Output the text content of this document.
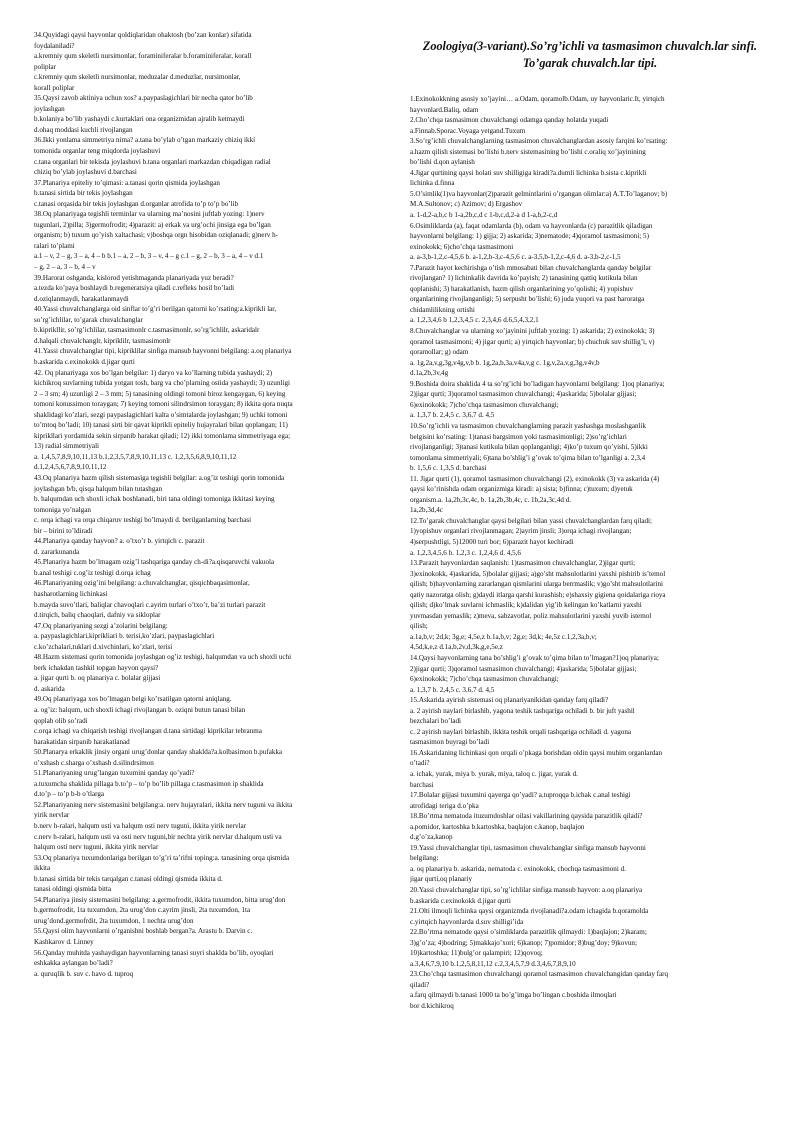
Zoologiya(3-variant).So’rg’ichli va tasmasimon chuvalch.lar sinfi. To’garak chuvalch.lar tipi.
34.Quyidagi qaysi hayvonlar qoldiqlaridan ohaktosh (bo’zan konlar) sifatida
foydalaniladi?
a.kremniy qum skeletli nursimonlar, foraminiferalar b.foraminiferalar, korall
poliplar
c.kremniy qum skeletli nursimonlar, meduzalar d.meduzlar, nursimonlar,
korall poliplar
35.Qaysi zavob aktiniya uchun xos? a.paypaslagichlari bir necha qator bo’lib
joylashgan
b.kolaniya bo’lib yashaydi c.kurtaklari ona organizmidan ajralib ketmaydi
d.ohaq moddasi kuchli rivojlangan
36.Ikki yonlama simmetriya nima? a.tana bo’ylab o’tgan markaziy chiziq ikki
tomonida organlar teng miqdorda joylashuvi
c.tana organlari bir tekisda joylashuvi b.tana organlari markazdan chiqadigan radial
chiziq bo’ylab joylashuvi d.barchasi
37.Planariya epiteliy to’qimasi: a.tanasi qorin qismida joylashgan
b.tanasi sirtida bir tekis joylashgan
c.tanasi orqasida bir tekis joylashgan d.organlar atrofida to’p to’p bo’lib
38.Oq planariyaga tegishli terminlar va ularning ma’nosini juftlab yozing: 1)nerv
tugunlari, 2)pilla; 3)germofrodit; 4)parazit: a) erkak va urg’ochi jinsiga ega bo’lgan
organism; b) tuxum qo’yish xaltachasi; v)boshqa orgn hisobidan oziqlanadi; g)nerv h-
ralari to’plami
a.1 – v, 2 – g, 3 – a, 4 – b b.1 – a, 2 – b, 3 – v, 4 – g c.1 – g, 2 – b, 3 – a, 4 – v d.1
– g, 2 – a, 3 – b, 4 – v
39.Harorat oshganda, kislorod yetishmaganda planariyada yuz beradi?
a.tezda ko’paya boshlaydi b.regeneratsiya qiladi c.refleks hosil bo’ladi
d.oziqlanmaydi, harakatlanmaydi
40.Yassi chuvalchanglarga oid sinflar to’g’ri berilgan qatorni ko’rsating:a.kiprikli lar,
so’rg’ichlilar, to’garak chuvalchanglar
b.kiprikllir, so’rg’ichlilar, tasmasimonlr c.tasmasimonlr, so’rg’ichlilr, askaridalr
d.halqali chuvalchanglr, kipriklilr, tasmasimonlr
41.Yassi chuvalchanglar tipi, kipriklilar sinfiga mansub hayvonni belgilang: a.oq planariya
b.askarida c.exinokokk d.jigar qurti
42. Oq planariyaga xos bo’lgan belgilar: 1) daryo va ko’llarning tubida yashaydi; 2)
kichikroq suvlarning tubida yotgan tosh, barg va cho’plarning ostida yashaydi; 3) uzunligi
2 – 3 sm; 4) uzunligi 2 – 3 mm; 5) tanasining oldingi tomoni biroz kengaygan, 6) keying
tomoni konussimon toraygan; 7) keying tomoni silindrsimon toraygan; 8) ikkita qora nuqta
shaklidagi ko’zlari, sezgi paypaslagichlari kalta o’simtalarda joylashgan; 9) uchki tomoni
to’mtoq bo’ladi; 10) tanasi sirti bir qavat kiprikli epiteliy hujayralari bilan qoplangan; 11)
kiprikllari yordamida sekin sirpanib harakat qiladi; 12) ikki tomonlama simmetriyaga ega;
13) radial simmetriyali
a. 1,4,5,7,8,9,10,11,13 b.1,2,3,5,7,8,9,10,11,13 c. 1,2,3,5,6,8,9,10,11,12
d.1,2,4,5,6,7,8,9,10,11,12
43.Oq planariya hazm qilish sistemasiga tegishli belgilar: a.og’iz teshigi qorin tomonida
joylashgan b/b, qisqa halqum bilan tutashgan
b. halqumdan uch shoxli ichak boshlanadi, biri tana oldingi tomoniga ikkitasi keying
tomoniga yo’nalgan
c. orqa ichagi va orqa chiqaruv teshigi bo’lmaydi d. berilganlarning barchasi
bir – birini to’ldiradi
44.Planariya qanday hayvon? a. o’txo’r b. yirtqich c. parazit
d. zararkunanda
45.Planariya hazm bo’lmagam ozig’l tashqariga qanday ch-di?a.qisqaruvchi vakuola
b.anal teshigi c.og’iz teshigi d.orqa ichag
46.Planariyaning ozig’ini belgilang: a.chuvalchanglar, qisqichbaqasimonlar,
hasharotlarning lichinkasi
b.mayda suvo’tlari, baliqlar chavoqlari c.ayrim turlari o’txo’r, ba’zi turlari parazit
d.tirqich, baliq chaoqlari, dafniy va sikloplar
47.Oq planariyaning sezgi a’zolarini belgilang:
a. paypaslagichlari,kiprikliari b. terisi,ko’zlari, paypaslagichlari
c.ko’zchalari,tuklari d.xivchinlari, ko’zlari, terisi
48.Hazm sistemasi qorin tomonida joylashgan og’iz teshigi, halqumdan va uch shoxli uchi
berk ichakdan tashkil topgan hayvon qaysi?
a. jigar qurti b. oq planariya c. bolalar gijjasi
d. askarida
49.Oq planariyaga xos bo’lmagan belgi ko’rsatilgan qatorni aniqlang.
a. og’iz: halqum, uch shoxli ichagi rivojlangan b. oziqni butun tanasi bilan
qoplab olib so’radi
c.orqa ichagi va chiqarish teshigi rivojlangan d.tana sirtidagi kiprikilar tebranma
harakatidan sirpanib harakatlanad
50.Planarya erkaklik jinsiy organi urug’donlar qanday shaklda?a.kolbasimon b.pufakka
o’xshash c.sharga o’xshash d.silindrsimon
51.Planariyaning urug’langan tuxumini qanday qo’yadi?
a.tuxumcha shaklida pillaga b.to’p – to’p bo’lib pillaga c.tasmasimon ip shaklida
d.to’p – to’p b-b o’tlarga
52.Planariyaning nerv sistemasini belgilang:a. nerv hujayralari, ikkita nerv tuguni va ikkita
yirik nervlar
b.nerv h-ralari, halqum usti va halqum osti nerv tuguni, ikkita yirik nervlar
c.nerv h-ralari, halqum usti va osti nerv tuguni,bir nechta yirik nervlar d.halqum usti va
halqum osti nerv tuguni, ikkita yirik nervlar
53.Oq planariya tuxumdonlariga berilgan to’g’ri ta’rifni toping:a. tanasining orqa qismida
ikkita
b.tanasi sirtida bir tekis tarqalgan c.tanasi oldingi qismida ikkita d.
tanasi oldingi qismida bitta
54.Planariya jinsiy sistemasini belgilang: a.germofrodit, ikkita tuxumdon, bitta urug’don
b.germofrodit, 1ta tuxumdon, 2ta urug’don c.ayrim jinsli, 2ta tuxumdon, 1ta
urug’dond.germofrdit, 2ta tuxumdon, 1 nechta urug’don
55.Qaysi olim hayvonlarni o’rganishni boshlab bergan?a. Arastu b. Darvin c.
Kashkarov d. Linney
56.Qanday muhitda yashaydigan hayvonlarning tanasi suyri shaklda bo’lib, oyoqlari
eshkakka aylangan bo’ladi?
a. quruqlik b. suv c. havo d. tuproq
1.Exinokokkning asosiy xo’jayini… a.Odam, qoramolb.Odam, uy hayvonlaric.It, yirtqich
hayvonlard.Baliq, odam
2.Cho’chqa tasmasimon chuvalchangi odamga qanday holatda yuqadi
a.Finnab.Sporac.Voyaga yetgand.Tuxum
3.So’rg’ichli chuvalchanglarning tasmasimon chuvalchanglardan asosiy farqini ko’rsating:
a.hazm qilish sistemasi bo’lishi b.nerv sistemasining bo’lishi c.oraliq xo’jayinining
bo’lishi d.qon aylanish
4.Jigar qurtining qaysi holati suv shilligiga kiradi?a.dumli lichinka b.sista c.kiprikli
lichinka d.finna
5.O’simlik(1)va hayvonlar(2)parazit gelmintlarini o’rgangan olimlar:a) A.T.To’laganov; b)
M.A.Sultonov; c) Azimov; d) Ergashov
a. 1-d,2-a,b,c b 1-a,2b,c,d c 1-b,c,d,2-a d 1-a,b,2-c,d
6.Osimliklarda (a), faqat odamlarda (b), odam va hayvonlarda (c) parazitlik qiladigan
hayvonlarni belgilang: 1) gijja; 2) askarida; 3)nematode; 4)qoramol tasmasimoni; 5)
exinokokk; 6)cho’chqa tasmasimoni
a. a-3,b-1,2,c-4,5,6 b. a-1,2,b-3,c-4,5,6 c. a-3,5,b-1,2,c-4,6 d. a-3,b-2,c-1,5
7.Parazit hayot kechirishga o’tish mmosabati bilan chuvalchanglarda qanday belgilar
rivojlangan? 1) lichinkalik davrida ko’payish; 2) tanasining qattiq kutikula bilan
qoplanishi; 3) harakatlanish, hazm qilish organlarining yo’qolishi; 4) yopishuv
organlarining rivojlanganligi; 5) serpusht bo’lishi; 6) juda yuqori va past haroratga
chidamlilikning ortishi
a. 1,2,3,4,6 b 1,2,3,4,5 c. 2,3,4,6 d.6,5,4,3,2,1
8.Chuvalchanglar va ularning xo’jayinini juftlab yozing: 1) askarida; 2) exinokokk; 3)
qoramol tasmasimoni; 4) jigar qurti; a) yirtqich hayvonlar; b) chuchuk suv shillig’i, v)
qoramollar; g) odam
a. 1g,2a,v,g,3g,v4g,v,b b. 1g,2a,b,3a,v4a,v,g c. 1g,v,2a,v,g,3g,v4v,b
d.1a,2b,3v,4g
9.Boshida doira shaklida 4 ta so’rg’ichi bo’ladigan hayvonlarni belgilang: 1)oq planariya;
2)jigar qurti; 3)qoramol tasmasimon chuvalchangi; 4)askarida; 5)bolalar gijjasi;
6)exinokokk; 7)cho’chqa tasmasimon chuvalchangi;
a. 1,3,7 b. 2,4,5 c. 3,6,7 d. 4,5
10.So’rg’ichli va tasmasimon chuvalchanglarning parazit yashashga moslashganlik
belgisini ko’rsating: 1)tanasi bargsimon yoki tasmasimonligi; 2)so’rg’ichlari
rivojlanganligi; 3)tanasi kutikula bilan qoplanganligi; 4)ko’p tuxum qo’yishi, 5)ikki
tomonlama simmetriyali; 6)tana bo’shlig’i g’ovak to’qima bilan to’lganligi a. 2,3,4
b. 1,5,6 c. 1,3,5 d. barchasi
11. Jigar qurti (1), qoramol tasmasimon chuvalchangi (2), exinokokk (3) va askarida (4)
qaysi ko’rinishda odam organizmiga kiradi: a) sista; b)finna; c)tuxum; d)yetuk
organism.a. 1a,2b,3c,4c, b. 1a,2b,3b,4c, c. 1b,2a,3c,4d d.
1a,2b,3d,4c
12.To’garak chuvalchanglar qaysi belgilari bilan yassi chuvalchanglardan farq qiladi;
1)yopishuv organlari rivojlanmagan; 2)ayrim jinsli; 3)orqa ichagi rivojlangan;
4)serpushtligi, 5)12000 turi bor; 6)parazit hayot kechiradi
a. 1,2,3,4,5,6 b. 1,2,3 c. 1,2,4,6 d. 4,5,6
13.Parazit hayvonlardan saqlanish: 1)tasmasimon chuvalchanglar, 2)jigar qurti;
3)exinokokk, 4)askarida, 5)bolalar gijjasi; a)go’sht mahsulotlarini yaxshi pishirib is’temol
qilish; b)hayvonlarning zararlangan qismlarini ularga berrmaslik; v)go’sht mahsulotlarini
qatiy nazoratga olish; g)daydi itlarga qarshi kurashish; e)shaxsiy gigiena qoidalariga rioya
qilish; d)ko’lmak suvlarni ichmaslik; k)dalidan yig’ib kelingan ko’katlarni yaxshi
yuvmasdan yemaslik; z)meva, sabzavotlar, poliz mahsulotlarini yaxshi yuvib istemol
qilish;
a.1a,b,v; 2d,k; 3g,e; 4,5e,z b.1a,b,v; 2g,e; 3d,k; 4e,5z c.1,2,3a,b,v;
4,5d,k,e,z d.1a,b,2v,d,3k,g,e,5e,z
14.Qaysi hayvonlarning tana bo’shlig’i g’ovak to’qima bilan to’lmagan?1)oq planariya;
2)jigar qurti; 3)qoramol tasmasimon chuvalchangi; 4)askarida; 5)bolalar gijjasi;
6)exinokokk; 7)cho’chqa tasmasimon chuvalchangi;
a. 1,3,7 b. 2,4,5 c. 3,6,7 d. 4,5
15.Askarida ayirish sistemasi oq planariyanikidan qanday farq qiladi?
a. 2 ayirish naylari birlashib, yagona teshik tashqariga ochiladi b. bir juft yashil
bezchalari bo’ladi
c. 2 ayirish naylari birlashib, ikkita teshik orqali tashqariga ochiladi d. yagona
tasmasimon buyragi bo’ladi
16.Askaridaning lichinkasi qon orqali o’pkaga borishdan oldin qaysi muhim organlardan
o’tadi?
a. ichak, yurak, miya b. yurak, miya, taloq c. jigar, yurak d.
barchasi
17.Bolalar gijjasi tuxumini qayerga qo’yadi? a.tuproqqa b.ichak c.anal teshigi
atrofidagi teriga d.o’pka
18.Bo’rtma nematoda ituzumdoshlar oilasi vakillarining qaysida parazitlik qiladi?
a.pomidor, kartoshka b.kartoshka, baqlajon c.kanop, baqlajon
d.g’o’za,kanop
19.Yassi chuvalchanglar tipi, tasmasimon chuvalchanglar sinfiga mansub hayvonni
belgilang:
a. oq planariya b. askarida, nematoda c. exinokokk, chochqa tasmasimoni d.
jigar qurti,oq planariy
20.Yassi chuvalchanglar tipi, so’rg’ichlilar sinfiga mansub hayvon: a.oq planariya
b.askarida c.exinokokk d.jigar qurti
21.Olti ilmoqli lichinka qaysi organizmda rivojlanadi?a.odam ichagida b.qoramolda
c.yirtqich hayvonlarda d.suv shilligi’ida
22.Bo’rtma nematode qaysi o’simliklarda parazitlik qilmaydi: 1)baqlajon; 2)karam;
3)g’o’za; 4)bodring; 5)makkajo’xori; 6)kanop; 7)pomidor; 8)bug’doy; 9)kovun;
10)kartoshka; 11)bulg’or qalampiri; 12)qovoq;
a.3,4,6,7,9,10 b.1,2,5,8,11,12 c.2,3,4,5,7,9 d.3,4,6,7,8,9,10
23.Cho’chqa tasmasimon chuvalchangi qoramol tasmasimon chuvalchangidan qanday farq
qiladi?
a.farq qilmaydi b.tanasi 1000 ta bo’g’imga bo’lingan c.boshida ilmoqlari
bor d.kichikroq
